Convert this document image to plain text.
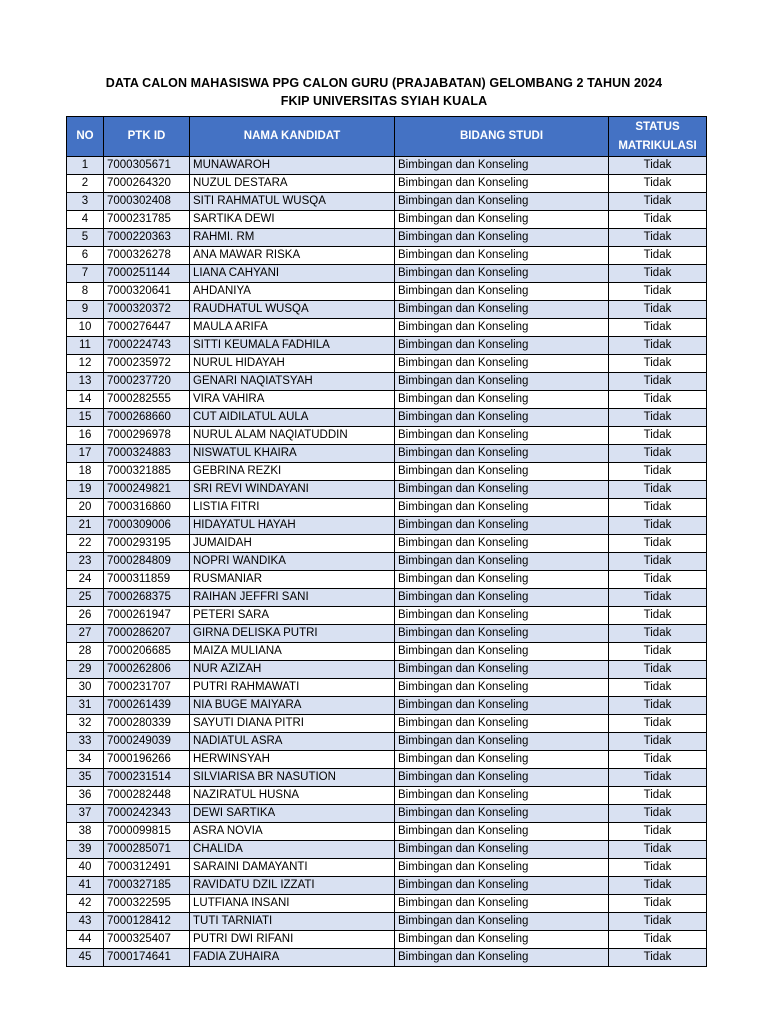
DATA CALON MAHASISWA PPG CALON GURU (PRAJABATAN) GELOMBANG 2 TAHUN 2024
FKIP UNIVERSITAS SYIAH KUALA
NO	PTK ID	NAMA KANDIDAT	BIDANG STUDI	STATUS
MATRIKULASI

1	7000305671	MUNAWAROH	Bimbingan dan Konseling	Tidak
2	7000264320	NUZUL DESTARA	Bimbingan dan Konseling	Tidak
3	7000302408	SITI RAHMATUL WUSQA	Bimbingan dan Konseling	Tidak
4	7000231785	SARTIKA DEWI	Bimbingan dan Konseling	Tidak
5	7000220363	RAHMI. RM	Bimbingan dan Konseling	Tidak
6	7000326278	ANA MAWAR RISKA	Bimbingan dan Konseling	Tidak
7	7000251144	LIANA CAHYANI	Bimbingan dan Konseling	Tidak
8	7000320641	AHDANIYA	Bimbingan dan Konseling	Tidak
9	7000320372	RAUDHATUL WUSQA	Bimbingan dan Konseling	Tidak
10	7000276447	MAULA ARIFA	Bimbingan dan Konseling	Tidak
11	7000224743	SITTI KEUMALA FADHILA	Bimbingan dan Konseling	Tidak
12	7000235972	NURUL HIDAYAH	Bimbingan dan Konseling	Tidak
13	7000237720	GENARI NAQIATSYAH	Bimbingan dan Konseling	Tidak
14	7000282555	VIRA VAHIRA	Bimbingan dan Konseling	Tidak
15	7000268660	CUT AIDILATUL AULA	Bimbingan dan Konseling	Tidak
16	7000296978	NURUL ALAM NAQIATUDDIN	Bimbingan dan Konseling	Tidak
17	7000324883	NISWATUL KHAIRA	Bimbingan dan Konseling	Tidak
18	7000321885	GEBRINA REZKI	Bimbingan dan Konseling	Tidak
19	7000249821	SRI REVI WINDAYANI	Bimbingan dan Konseling	Tidak
20	7000316860	LISTIA FITRI	Bimbingan dan Konseling	Tidak
21	7000309006	HIDAYATUL HAYAH	Bimbingan dan Konseling	Tidak
22	7000293195	JUMAIDAH	Bimbingan dan Konseling	Tidak
23	7000284809	NOPRI WANDIKA	Bimbingan dan Konseling	Tidak
24	7000311859	RUSMANIAR	Bimbingan dan Konseling	Tidak
25	7000268375	RAIHAN JEFFRI SANI	Bimbingan dan Konseling	Tidak
26	7000261947	PETERI SARA	Bimbingan dan Konseling	Tidak
27	7000286207	GIRNA DELISKA PUTRI	Bimbingan dan Konseling	Tidak
28	7000206685	MAIZA MULIANA	Bimbingan dan Konseling	Tidak
29	7000262806	NUR AZIZAH	Bimbingan dan Konseling	Tidak
30	7000231707	PUTRI RAHMAWATI	Bimbingan dan Konseling	Tidak
31	7000261439	NIA BUGE MAIYARA	Bimbingan dan Konseling	Tidak
32	7000280339	SAYUTI DIANA PITRI	Bimbingan dan Konseling	Tidak
33	7000249039	NADIATUL ASRA	Bimbingan dan Konseling	Tidak
34	7000196266	HERWINSYAH	Bimbingan dan Konseling	Tidak
35	7000231514	SILVIARISA BR NASUTION	Bimbingan dan Konseling	Tidak
36	7000282448	NAZIRATUL HUSNA	Bimbingan dan Konseling	Tidak
37	7000242343	DEWI SARTIKA	Bimbingan dan Konseling	Tidak
38	7000099815	ASRA NOVIA	Bimbingan dan Konseling	Tidak
39	7000285071	CHALIDA	Bimbingan dan Konseling	Tidak
40	7000312491	SARAINI DAMAYANTI	Bimbingan dan Konseling	Tidak
41	7000327185	RAVIDATU DZIL IZZATI	Bimbingan dan Konseling	Tidak
42	7000322595	LUTFIANA INSANI	Bimbingan dan Konseling	Tidak
43	7000128412	TUTI TARNIATI	Bimbingan dan Konseling	Tidak
44	7000325407	PUTRI DWI RIFANI	Bimbingan dan Konseling	Tidak
45	7000174641	FADIA ZUHAIRA	Bimbingan dan Konseling	Tidak
